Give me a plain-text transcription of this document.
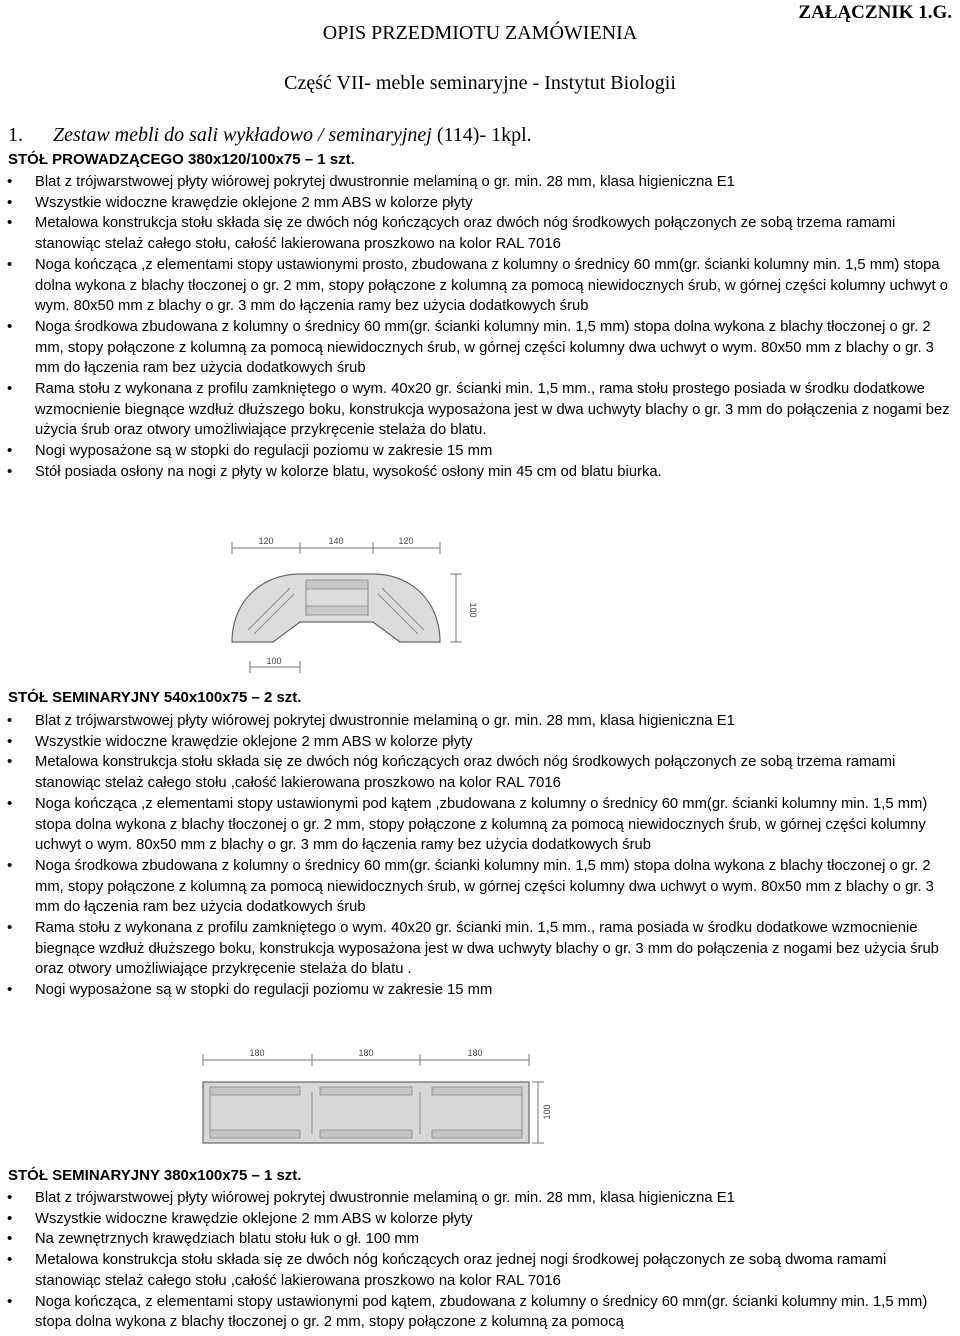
OPIS PRZEDMIOTU ZAMÓWIENIA
ZAŁĄCZNIK 1.G.
Część VII- meble seminaryjne - Instytut Biologii
1. Zestaw mebli do sali wykładowo / seminaryjnej (114)- 1kpl.
STÓŁ PROWADZĄCEGO 380x120/100x75 – 1 szt.
• Blat z trójwarstwowej płyty wiórowej pokrytej dwustronnie melaminą o gr. min. 28 mm, klasa higieniczna E1
• Wszystkie widoczne krawędzie oklejone 2 mm ABS w kolorze płyty
• Metalowa konstrukcja stołu składa się ze dwóch nóg kończących oraz dwóch nóg środkowych połączonych ze sobą trzema ramami stanowiąc stelaż całego stołu, całość lakierowana proszkowo na kolor RAL 7016
• Noga kończąca ,z elementami stopy ustawionymi prosto, zbudowana z kolumny o średnicy 60 mm(gr. ścianki kolumny min. 1,5 mm) stopa dolna wykona z blachy tłoczonej o gr. 2 mm, stopy połączone z kolumną za pomocą niewidocznych śrub, w górnej części kolumny uchwyt o wym. 80x50 mm z blachy o gr. 3 mm do łączenia ramy bez użycia dodatkowych śrub
• Noga środkowa zbudowana z kolumny o średnicy 60 mm(gr. ścianki kolumny min. 1,5 mm) stopa dolna wykona z blachy tłoczonej o gr. 2 mm, stopy połączone z kolumną za pomocą niewidocznych śrub, w górnej części kolumny dwa uchwyt o wym. 80x50 mm z blachy o gr. 3 mm do łączenia ram bez użycia dodatkowych śrub
• Rama stołu z wykonana z profilu zamkniętego o wym. 40x20 gr. ścianki min. 1,5 mm., rama stołu prostego posiada w środku dodatkowe wzmocnienie biegnące wzdłuż dłuższego boku, konstrukcja wyposażona jest w dwa uchwyty blachy o gr. 3 mm do połączenia z nogami bez użycia śrub oraz otwory umożliwiające przykręcenie stelaża do blatu.
• Nogi wyposażone są w stopki do regulacji poziomu w zakresie 15 mm
• Stół posiada osłony na nogi z płyty w kolorze blatu, wysokość osłony min 45 cm od blatu biurka.
120	140	120
100
100
STÓŁ SEMINARYJNY 540x100x75 – 2 szt.
• Blat z trójwarstwowej płyty wiórowej pokrytej dwustronnie melaminą o gr. min. 28 mm, klasa higieniczna E1
• Wszystkie widoczne krawędzie oklejone 2 mm ABS w kolorze płyty
• Metalowa konstrukcja stołu składa się ze dwóch nóg kończących oraz dwóch nóg środkowych połączonych ze sobą trzema ramami stanowiąc stelaż całego stołu ,całość lakierowana proszkowo na kolor RAL 7016
• Noga kończąca ,z elementami stopy ustawionymi pod kątem ,zbudowana z kolumny o średnicy 60 mm(gr. ścianki kolumny min. 1,5 mm) stopa dolna wykona z blachy tłoczonej o gr. 2 mm, stopy połączone z kolumną za pomocą niewidocznych śrub, w górnej części kolumny uchwyt o wym. 80x50 mm z blachy o gr. 3 mm do łączenia ramy bez użycia dodatkowych śrub
• Noga środkowa zbudowana z kolumny o średnicy 60 mm(gr. ścianki kolumny min. 1,5 mm) stopa dolna wykona z blachy tłoczonej o gr. 2 mm, stopy połączone z kolumną za pomocą niewidocznych śrub, w górnej części kolumny dwa uchwyt o wym. 80x50 mm z blachy o gr. 3 mm do łączenia ram bez użycia dodatkowych śrub
• Rama stołu z wykonana z profilu zamkniętego o wym. 40x20 gr. ścianki min. 1,5 mm., rama posiada w środku dodatkowe wzmocnienie biegnące wzdłuż dłuższego boku, konstrukcja wyposażona jest w dwa uchwyty blachy o gr. 3 mm do połączenia z nogami bez użycia śrub oraz otwory umożliwiające przykręcenie stelaża do blatu .
• Nogi wyposażone są w stopki do regulacji poziomu w zakresie 15 mm
180	180	180
100
STÓŁ SEMINARYJNY 380x100x75 – 1 szt.
• Blat z trójwarstwowej płyty wiórowej pokrytej dwustronnie melaminą o gr. min. 28 mm, klasa higieniczna E1
• Wszystkie widoczne krawędzie oklejone 2 mm ABS w kolorze płyty
• Na zewnętrznych krawędziach blatu stołu łuk o gł. 100 mm
• Metalowa konstrukcja stołu składa się ze dwóch nóg kończących oraz jednej nogi środkowej połączonych ze sobą dwoma ramami stanowiąc stelaż całego stołu ,całość lakierowana proszkowo na kolor RAL 7016
• Noga kończąca, z elementami stopy ustawionymi pod kątem, zbudowana z kolumny o średnicy 60 mm(gr. ścianki kolumny min. 1,5 mm) stopa dolna wykona z blachy tłoczonej o gr. 2 mm, stopy połączone z kolumną za pomocą
